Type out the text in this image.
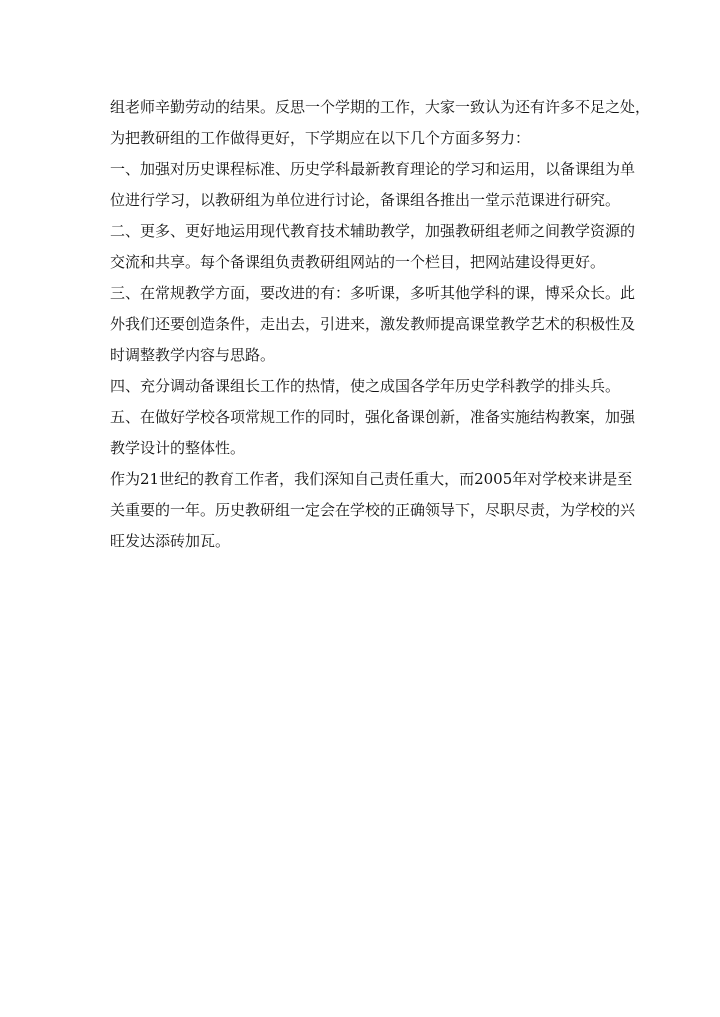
组老师辛勤劳动的结果。反思一个学期的工作，大家一致认为还有许多不足之处，
为把教研组的工作做得更好，下学期应在以下几个方面多努力：
一、加强对历史课程标准、历史学科最新教育理论的学习和运用，以备课组为单
位进行学习，以教研组为单位进行讨论，备课组各推出一堂示范课进行研究。
二、更多、更好地运用现代教育技术辅助教学，加强教研组老师之间教学资源的
交流和共享。每个备课组负责教研组网站的一个栏目，把网站建设得更好。
三、在常规教学方面，要改进的有：多听课，多听其他学科的课，博采众长。此
外我们还要创造条件，走出去，引进来，激发教师提高课堂教学艺术的积极性及
时调整教学内容与思路。
四、充分调动备课组长工作的热情，使之成国各学年历史学科教学的排头兵。
五、在做好学校各项常规工作的同时，强化备课创新，准备实施结构教案，加强
教学设计的整体性。
作为21世纪的教育工作者，我们深知自己责任重大，而2005年对学校来讲是至
关重要的一年。历史教研组一定会在学校的正确领导下，尽职尽责，为学校的兴
旺发达添砖加瓦。
